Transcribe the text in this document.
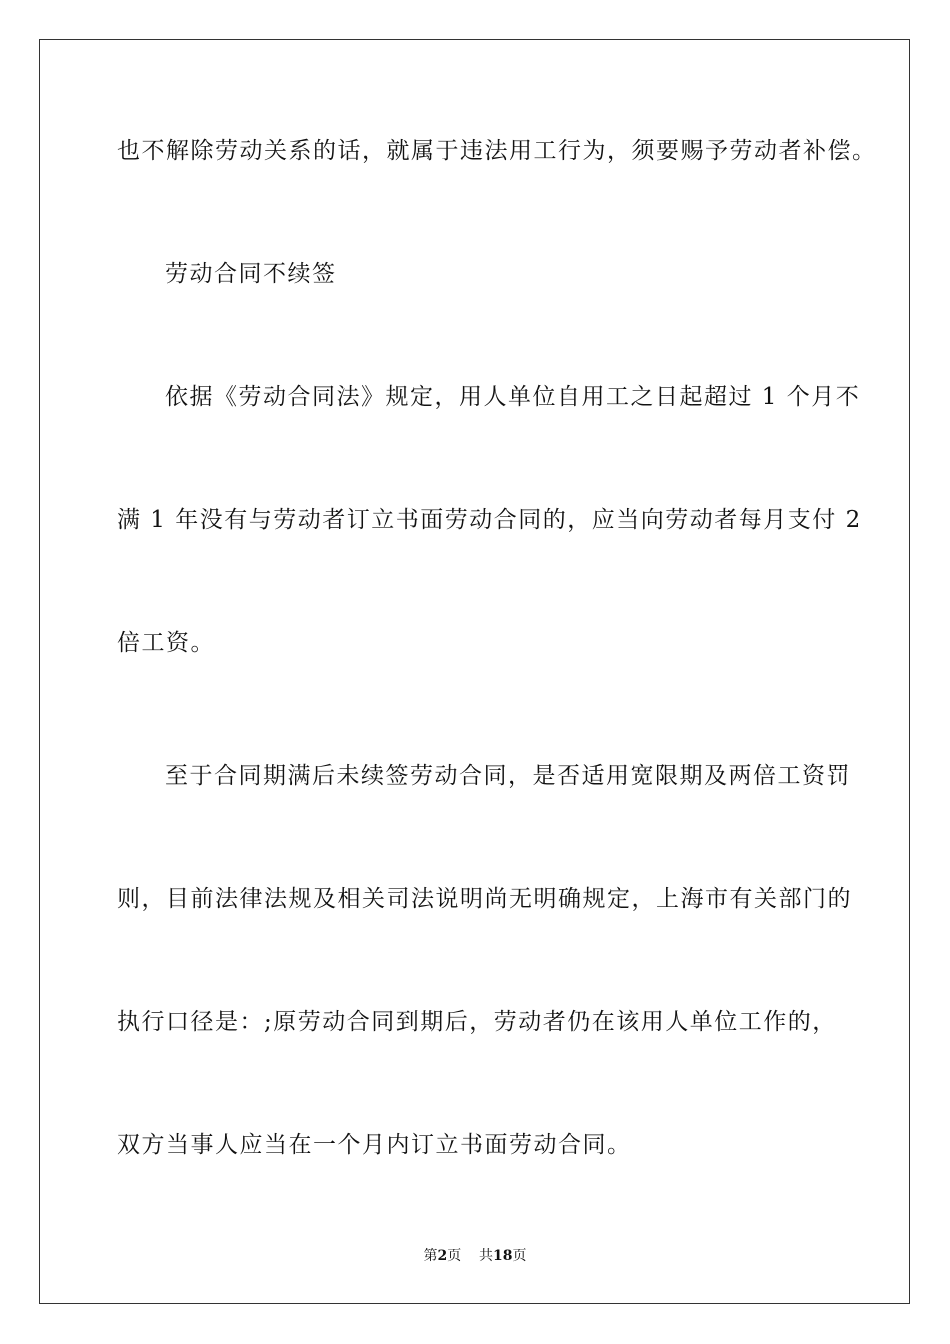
也不解除劳动关系的话，就属于违法用工行为，须要赐予劳动者补偿。
劳动合同不续签
依据《劳动合同法》规定，用人单位自用工之日起超过 1 个月不
满 1 年没有与劳动者订立书面劳动合同的，应当向劳动者每月支付 2
倍工资。
至于合同期满后未续签劳动合同，是否适用宽限期及两倍工资罚
则，目前法律法规及相关司法说明尚无明确规定，上海市有关部门的
执行口径是：;原劳动合同到期后，劳动者仍在该用人单位工作的，
双方当事人应当在一个月内订立书面劳动合同。
第2页 共18页
